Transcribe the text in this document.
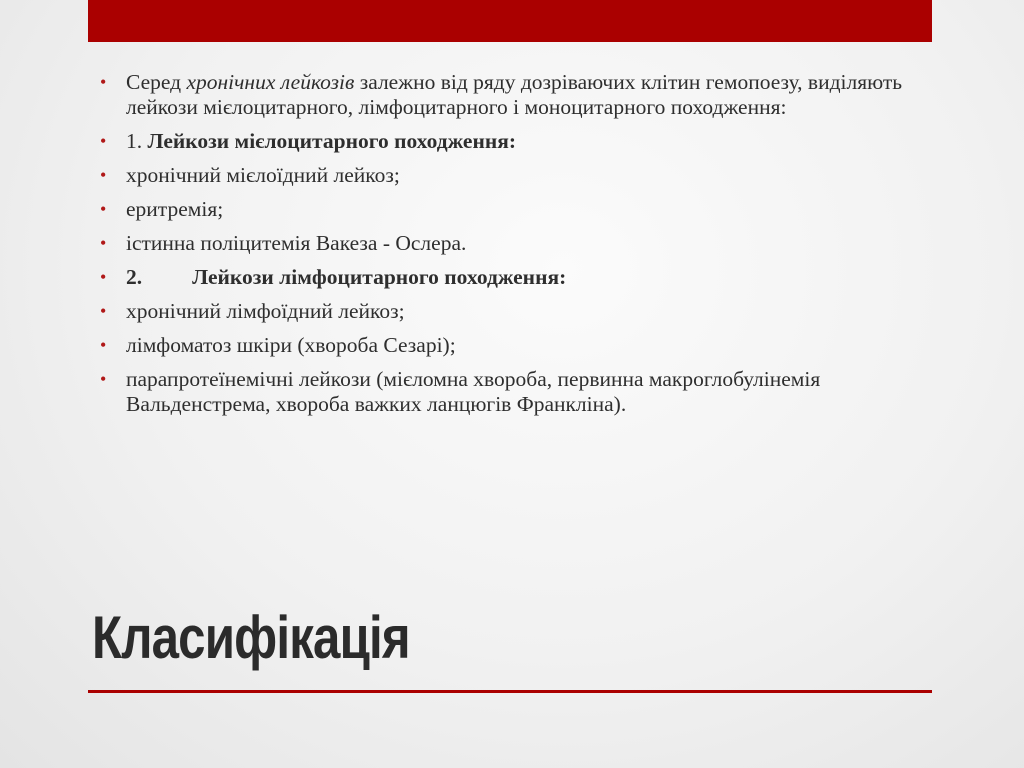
• Серед хронічних лейкозів залежно від ряду дозріваючих клітин гемопоезу, виділяють лейкози мієлоцитарного, лімфоцитарного і моноцитарного походження:
• 1. Лейкози мієлоцитарного походження:
• хронічний мієлоїдний лейкоз;
• еритремія;
• істинна поліцитемія Вакеза - Ослера.
• 2. Лейкози лімфоцитарного походження:
• хронічний лімфоїдний лейкоз;
• лімфоматоз шкіри (хвороба Сезарі);
• парапротеїнемічні лейкози (мієломна хвороба, первинна макроглобулінемія Вальденстрема, хвороба важких ланцюгів Франкліна).
Класифікація
